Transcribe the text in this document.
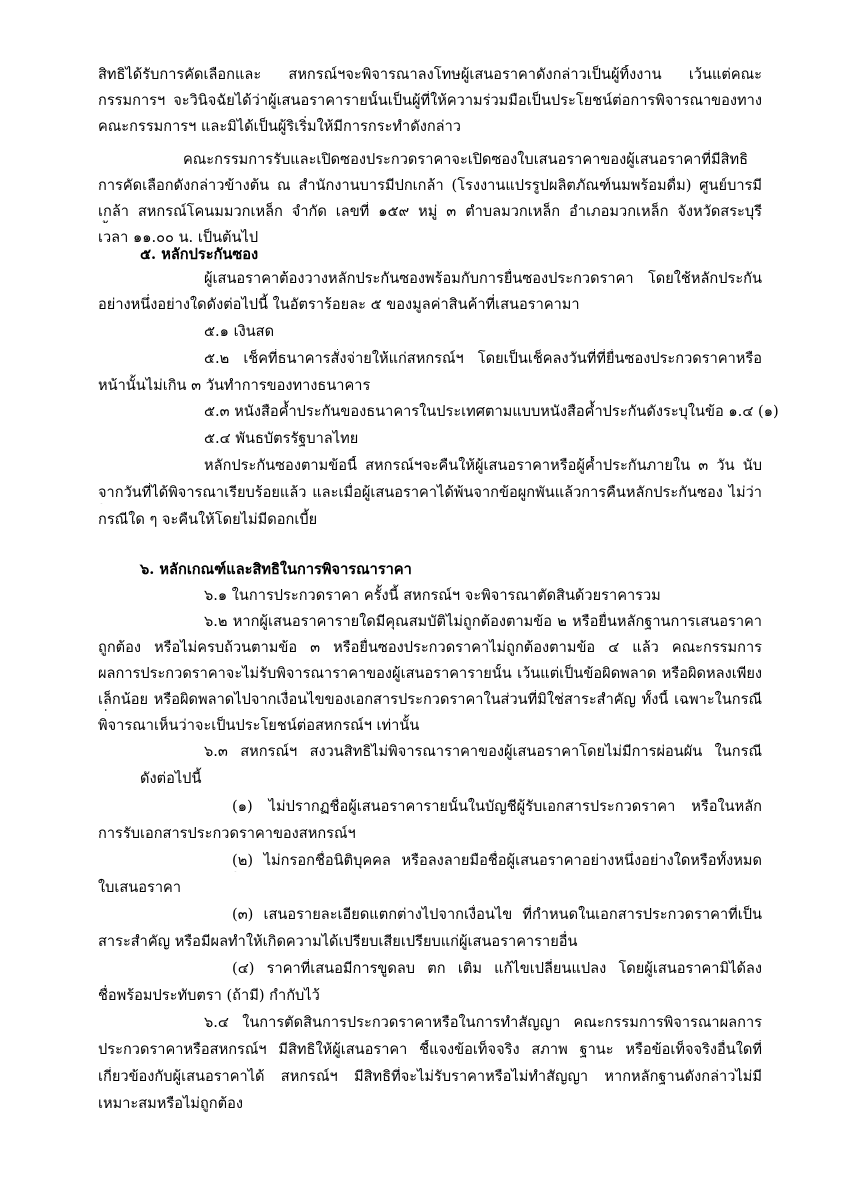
สิทธิได้รับการคัดเลือกและ สหกรณ์ฯจะพิจารณาลงโทษผู้เสนอราคาดังกล่าวเป็นผู้ทิ้งงาน เว้นแต่คณะ
กรรมการฯ จะวินิจฉัยได้ว่าผู้เสนอราคารายนั้นเป็นผู้ที่ให้ความร่วมมือเป็นประโยชน์ต่อการพิจารณาของทาง
คณะกรรมการฯ และมิได้เป็นผู้ริเริ่มให้มีการกระทำดังกล่าว
คณะกรรมการรับและเปิดซองประกวดราคาจะเปิดซองใบเสนอราคาของผู้เสนอราคาที่มีสิทธิ
การคัดเลือกดังกล่าวข้างต้น ณ สำนักงานบารมีปกเกล้า (โรงงานแปรรูปผลิตภัณฑ์นมพร้อมดื่ม) ศูนย์บารมี
เกล้า สหกรณ์โคนมมวกเหล็ก จำกัด เลขที่ ๑๕๙ หมู่ ๓ ตำบลมวกเหล็ก อำเภอมวกเหล็ก จังหวัดสระบุรี
เวลา ๑๑.๐๐ น. เป็นต้นไป
๕. หลักประกันซอง
ผู้เสนอราคาต้องวางหลักประกันซองพร้อมกับการยื่นซองประกวดราคา โดยใช้หลักประกัน
อย่างหนึ่งอย่างใดดังต่อไปนี้ ในอัตราร้อยละ ๕ ของมูลค่าสินค้าที่เสนอราคามา
๕.๑ เงินสด
๕.๒ เช็คที่ธนาคารสั่งจ่ายให้แก่สหกรณ์ฯ โดยเป็นเช็คลงวันที่ที่ยื่นซองประกวดราคาหรือ
หน้านั้นไม่เกิน ๓ วันทำการของทางธนาคาร
๕.๓ หนังสือค้ำประกันของธนาคารในประเทศตามแบบหนังสือค้ำประกันดังระบุในข้อ ๑.๔ (๑)
๕.๔ พันธบัตรรัฐบาลไทย
หลักประกันซองตามข้อนี้ สหกรณ์ฯจะคืนให้ผู้เสนอราคาหรือผู้ค้ำประกันภายใน ๓ วัน นับ
จากวันที่ได้พิจารณาเรียบร้อยแล้ว และเมื่อผู้เสนอราคาได้พ้นจากข้อผูกพันแล้วการคืนหลักประกันซอง ไม่ว่า
กรณีใด ๆ จะคืนให้โดยไม่มีดอกเบี้ย
๖. หลักเกณฑ์และสิทธิในการพิจารณาราคา
๖.๑ ในการประกวดราคา ครั้งนี้ สหกรณ์ฯ จะพิจารณาตัดสินด้วยราคารวม
๖.๒ หากผู้เสนอราคารายใดมีคุณสมบัติไม่ถูกต้องตามข้อ ๒ หรือยื่นหลักฐานการเสนอราคา
ถูกต้อง หรือไม่ครบถ้วนตามข้อ ๓ หรือยื่นซองประกวดราคาไม่ถูกต้องตามข้อ ๔ แล้ว คณะกรรมการ
ผลการประกวดราคาจะไม่รับพิจารณาราคาของผู้เสนอราคารายนั้น เว้นแต่เป็นข้อผิดพลาด หรือผิดหลงเพียง
เล็กน้อย หรือผิดพลาดไปจากเงื่อนไขของเอกสารประกวดราคาในส่วนที่มิใช่สาระสำคัญ ทั้งนี้ เฉพาะในกรณี
พิจารณาเห็นว่าจะเป็นประโยชน์ต่อสหกรณ์ฯ เท่านั้น
๖.๓ สหกรณ์ฯ สงวนสิทธิไม่พิจารณาราคาของผู้เสนอราคาโดยไม่มีการผ่อนผัน ในกรณี
ดังต่อไปนี้
(๑) ไม่ปรากฏชื่อผู้เสนอราคารายนั้นในบัญชีผู้รับเอกสารประกวดราคา หรือในหลัก
การรับเอกสารประกวดราคาของสหกรณ์ฯ
(๒) ไม่กรอกชื่อนิติบุคคล หรือลงลายมือชื่อผู้เสนอราคาอย่างหนึ่งอย่างใดหรือทั้งหมด
ใบเสนอราคา
(๓) เสนอรายละเอียดแตกต่างไปจากเงื่อนไข ที่กำหนดในเอกสารประกวดราคาที่เป็น
สาระสำคัญ หรือมีผลทำให้เกิดความได้เปรียบเสียเปรียบแก่ผู้เสนอราคารายอื่น
(๔) ราคาที่เสนอมีการขูดลบ ตก เติม แก้ไขเปลี่ยนแปลง โดยผู้เสนอราคามิได้ลง
ชื่อพร้อมประทับตรา (ถ้ามี) กำกับไว้
๖.๔ ในการตัดสินการประกวดราคาหรือในการทำสัญญา คณะกรรมการพิจารณาผลการ
ประกวดราคาหรือสหกรณ์ฯ มีสิทธิให้ผู้เสนอราคา ชี้แจงข้อเท็จจริง สภาพ ฐานะ หรือข้อเท็จจริงอื่นใดที่
เกี่ยวข้องกับผู้เสนอราคาได้ สหกรณ์ฯ มีสิทธิที่จะไม่รับราคาหรือไม่ทำสัญญา หากหลักฐานดังกล่าวไม่มี
เหมาะสมหรือไม่ถูกต้อง
